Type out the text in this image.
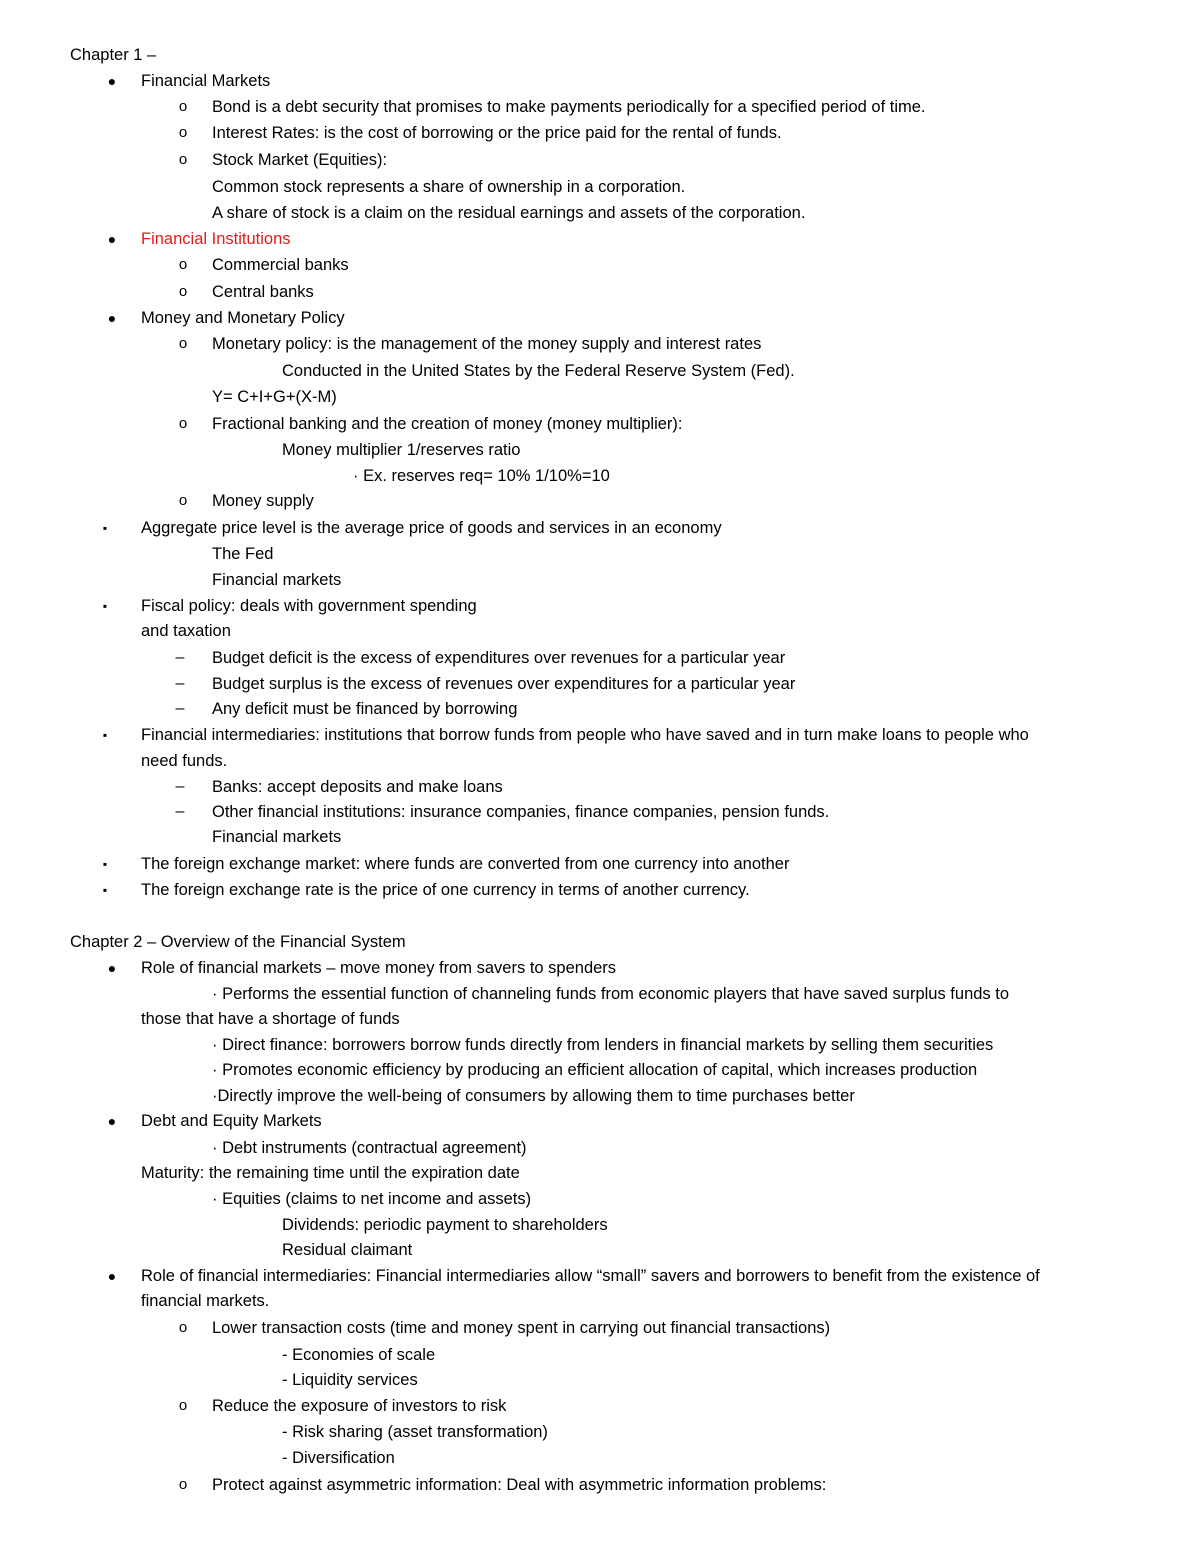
Chapter 1 –
● Financial Markets
o Bond is a debt security that promises to make payments periodically for a specified period of time.
o Interest Rates: is the cost of borrowing or the price paid for the rental of funds.
o Stock Market (Equities):
Common stock represents a share of ownership in a corporation.
A share of stock is a claim on the residual earnings and assets of the corporation.
● Financial Institutions
o Commercial banks
o Central banks
● Money and Monetary Policy
o Monetary policy: is the management of the money supply and interest rates
Conducted in the United States by the Federal Reserve System (Fed).
Y= C+I+G+(X-M)
o Fractional banking and the creation of money (money multiplier):
Money multiplier 1/reserves ratio
· Ex. reserves req= 10% 1/10%=10
o Money supply
▪ Aggregate price level is the average price of goods and services in an economy
The Fed
Financial markets
▪ Fiscal policy: deals with government spending
and taxation
– Budget deficit is the excess of expenditures over revenues for a particular year
– Budget surplus is the excess of revenues over expenditures for a particular year
– Any deficit must be financed by borrowing
▪ Financial intermediaries: institutions that borrow funds from people who have saved and in turn make loans to people who
need funds.
– Banks: accept deposits and make loans
– Other financial institutions: insurance companies, finance companies, pension funds.
Financial markets
▪ The foreign exchange market: where funds are converted from one currency into another
▪ The foreign exchange rate is the price of one currency in terms of another currency.
Chapter 2 – Overview of the Financial System
● Role of financial markets – move money from savers to spenders
· Performs the essential function of channeling funds from economic players that have saved surplus funds to
those that have a shortage of funds
· Direct finance: borrowers borrow funds directly from lenders in financial markets by selling them securities
· Promotes economic efficiency by producing an efficient allocation of capital, which increases production
·Directly improve the well-being of consumers by allowing them to time purchases better
● Debt and Equity Markets
· Debt instruments (contractual agreement)
Maturity: the remaining time until the expiration date
· Equities (claims to net income and assets)
Dividends: periodic payment to shareholders
Residual claimant
● Role of financial intermediaries: Financial intermediaries allow “small” savers and borrowers to benefit from the existence of
financial markets.
o Lower transaction costs (time and money spent in carrying out financial transactions)
- Economies of scale
- Liquidity services
o Reduce the exposure of investors to risk
- Risk sharing (asset transformation)
- Diversification
o Protect against asymmetric information: Deal with asymmetric information problems:
